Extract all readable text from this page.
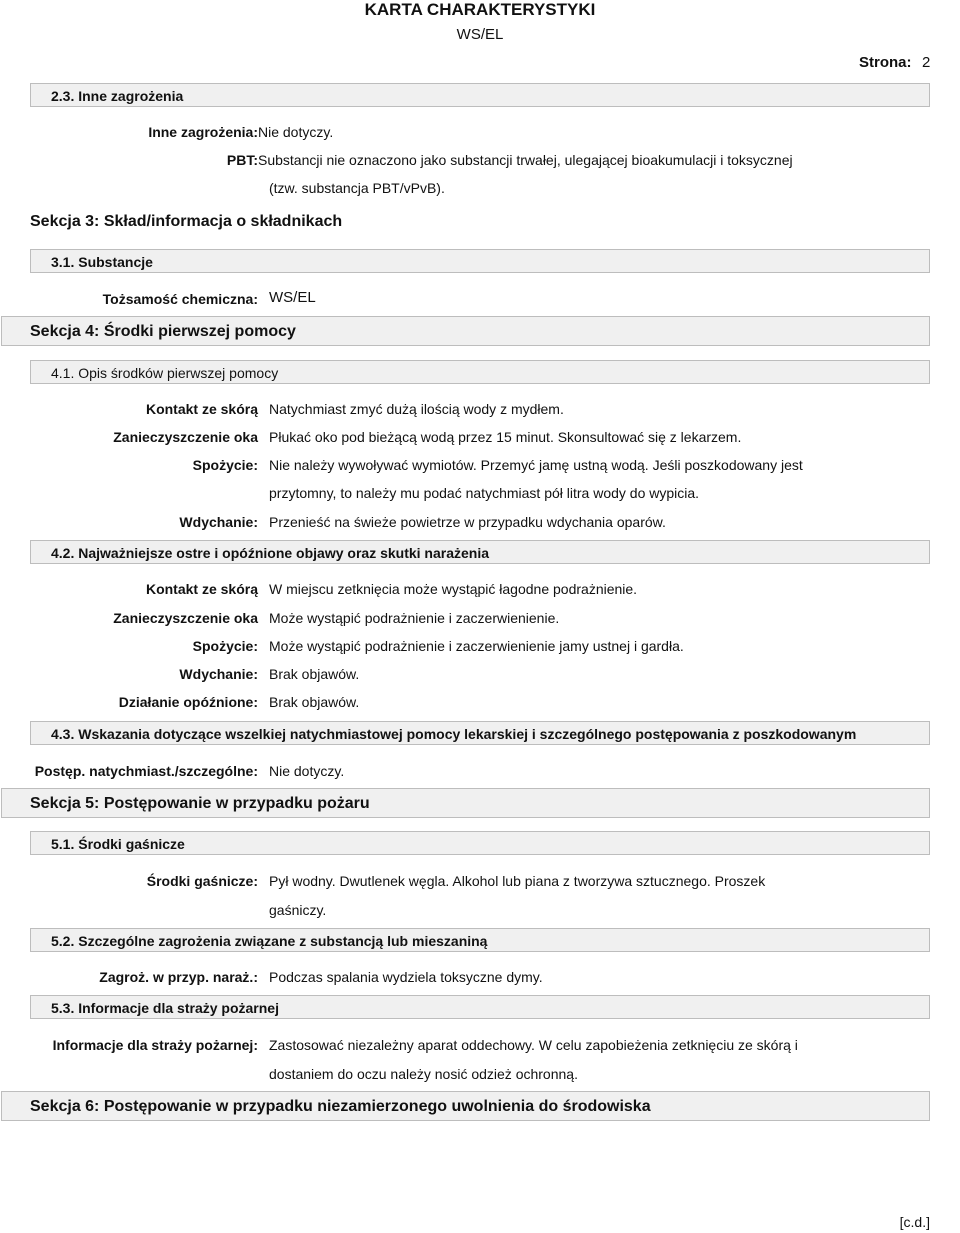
KARTA CHARAKTERYSTYKI
WS/EL
Strona: 2
2.3. Inne zagrożenia
Inne zagrożenia: Nie dotyczy.
PBT: Substancji nie oznaczono jako substancji trwałej, ulegającej bioakumulacji i toksycznej
(tzw. substancja PBT/vPvB).
Sekcja 3: Skład/informacja o składnikach
3.1. Substancje
Tożsamość chemiczna: WS/EL
Sekcja 4: Środki pierwszej pomocy
4.1. Opis środków pierwszej pomocy
Kontakt ze skórą Natychmiast zmyć dużą ilością wody z mydłem.
Zanieczyszczenie oka Płukać oko pod bieżącą wodą przez 15 minut. Skonsultować się z lekarzem.
Spożycie: Nie należy wywoływać wymiotów. Przemyć jamę ustną wodą. Jeśli poszkodowany jest
przytomny, to należy mu podać natychmiast pół litra wody do wypicia.
Wdychanie: Przenieść na świeże powietrze w przypadku wdychania oparów.
4.2. Najważniejsze ostre i opóźnione objawy oraz skutki narażenia
Kontakt ze skórą W miejscu zetknięcia może wystąpić łagodne podrażnienie.
Zanieczyszczenie oka Może wystąpić podrażnienie i zaczerwienienie.
Spożycie: Może wystąpić podrażnienie i zaczerwienienie jamy ustnej i gardła.
Wdychanie: Brak objawów.
Działanie opóźnione: Brak objawów.
4.3. Wskazania dotyczące wszelkiej natychmiastowej pomocy lekarskiej i szczególnego postępowania z poszkodowanym
Postęp. natychmiast./szczególne: Nie dotyczy.
Sekcja 5: Postępowanie w przypadku pożaru
5.1. Środki gaśnicze
Środki gaśnicze: Pył wodny. Dwutlenek węgla. Alkohol lub piana z tworzywa sztucznego. Proszek
gaśniczy.
5.2. Szczególne zagrożenia związane z substancją lub mieszaniną
Zagroż. w przyp. naraż.: Podczas spalania wydziela toksyczne dymy.
5.3. Informacje dla straży pożarnej
Informacje dla straży pożarnej: Zastosować niezależny aparat oddechowy. W celu zapobieżenia zetknięciu ze skórą i
dostaniem do oczu należy nosić odzież ochronną.
Sekcja 6: Postępowanie w przypadku niezamierzonego uwolnienia do środowiska
[c.d.]
